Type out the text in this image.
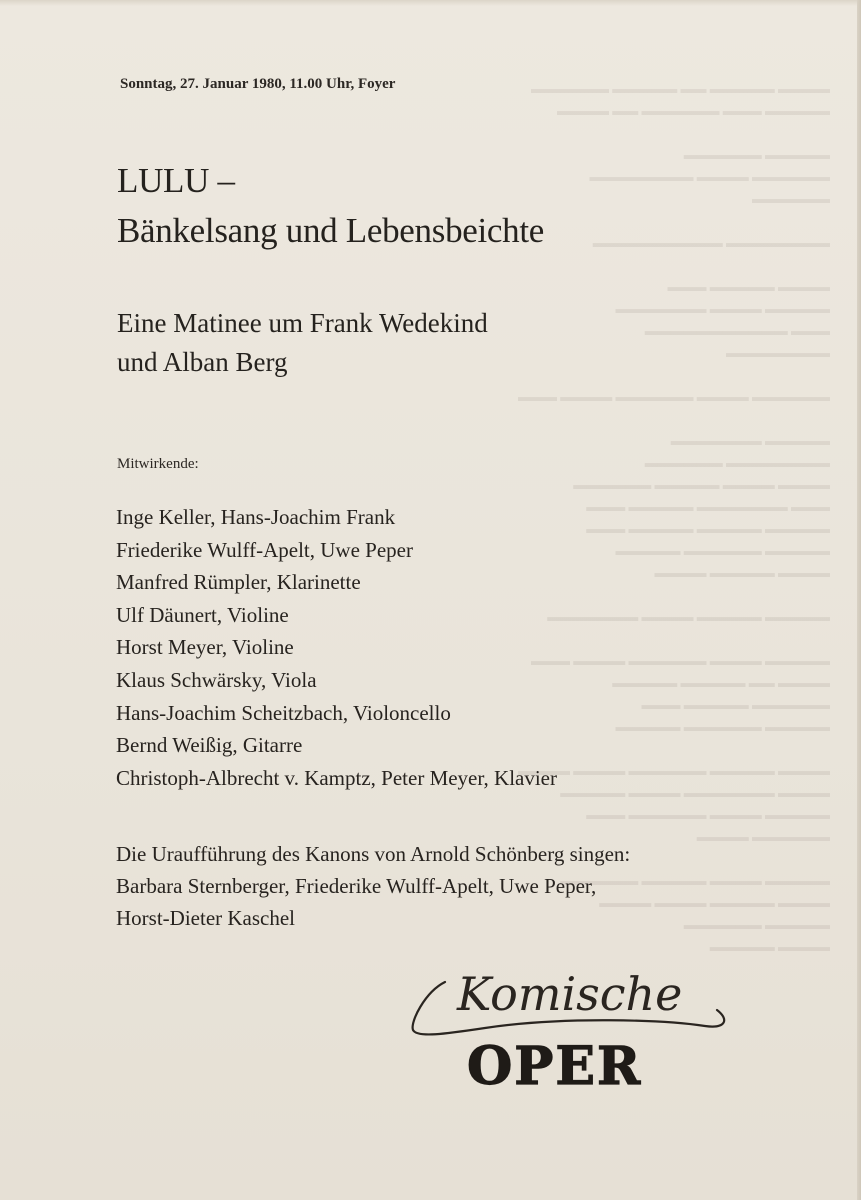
▬▬▬▬ ▬▬▬▬▬ ▬▬ ▬▬▬▬▬ ▬▬▬▬▬▬
▬▬▬▬▬ ▬▬▬ ▬▬▬▬▬▬ ▬▬ ▬▬▬▬

▬▬▬▬▬ ▬▬▬▬▬▬
▬▬▬▬▬▬ ▬▬▬▬ ▬▬▬▬▬▬▬▬
▬▬▬▬▬▬

▬▬▬▬▬▬▬▬ ▬▬▬▬▬▬▬▬▬▬

▬▬▬▬ ▬▬▬▬▬ ▬▬▬
▬▬▬▬▬ ▬▬▬▬ ▬▬▬▬▬▬▬
▬▬▬ ▬▬▬▬▬▬▬▬▬▬▬
▬▬▬▬▬▬▬▬

▬▬▬▬▬▬ ▬▬▬▬ ▬▬▬▬▬▬ ▬▬▬▬ ▬▬▬

▬▬▬▬▬ ▬▬▬▬▬▬▬
▬▬▬▬▬▬▬▬ ▬▬▬▬▬▬
▬▬▬▬ ▬▬▬▬ ▬▬▬▬▬ ▬▬▬▬▬▬
▬▬▬ ▬▬▬▬▬▬▬ ▬▬▬▬▬ ▬▬▬
▬▬▬▬▬ ▬▬▬▬▬ ▬▬▬▬▬ ▬▬▬
▬▬▬▬▬ ▬▬▬▬▬▬ ▬▬▬▬▬
▬▬▬▬ ▬▬▬▬▬ ▬▬▬▬

▬▬▬▬▬ ▬▬▬▬▬ ▬▬▬▬ ▬▬▬▬▬▬▬

▬▬▬▬▬ ▬▬▬▬ ▬▬▬▬▬▬ ▬▬▬▬ ▬▬▬
▬▬▬▬ ▬▬ ▬▬▬▬▬ ▬▬▬▬▬
▬▬▬▬▬▬ ▬▬▬▬▬ ▬▬▬
▬▬▬▬▬ ▬▬▬▬▬▬ ▬▬▬▬▬

▬▬▬▬ ▬▬▬▬▬ ▬▬▬▬▬▬ ▬▬▬▬ ▬▬▬▬
▬▬▬▬ ▬▬▬▬▬▬▬ ▬▬▬▬ ▬▬▬▬▬
▬▬▬▬▬ ▬▬▬▬ ▬▬▬▬▬▬ ▬▬▬
▬▬▬▬▬▬ ▬▬▬▬

▬▬▬▬▬ ▬▬▬▬ ▬▬▬▬▬ ▬▬▬▬▬▬
▬▬▬▬ ▬▬▬▬▬ ▬▬▬▬ ▬▬▬▬
▬▬▬▬▬ ▬▬▬▬▬▬
▬▬▬▬ ▬▬▬▬▬
Sonntag, 27. Januar 1980, 11.00 Uhr, Foyer
LULU –
Bänkelsang und Lebensbeichte
Eine Matinee um Frank Wedekind
und Alban Berg
Mitwirkende:
Inge Keller, Hans-Joachim Frank
Friederike Wulff-Apelt, Uwe Peper
Manfred Rümpler, Klarinette
Ulf Däunert, Violine
Horst Meyer, Violine
Klaus Schwärsky, Viola
Hans-Joachim Scheitzbach, Violoncello
Bernd Weißig, Gitarre
Christoph-Albrecht v. Kamptz, Peter Meyer, Klavier
Die Uraufführung des Kanons von Arnold Schönberg singen:
Barbara Sternberger, Friederike Wulff-Apelt, Uwe Peper,
Horst-Dieter Kaschel
Komische
OPER
